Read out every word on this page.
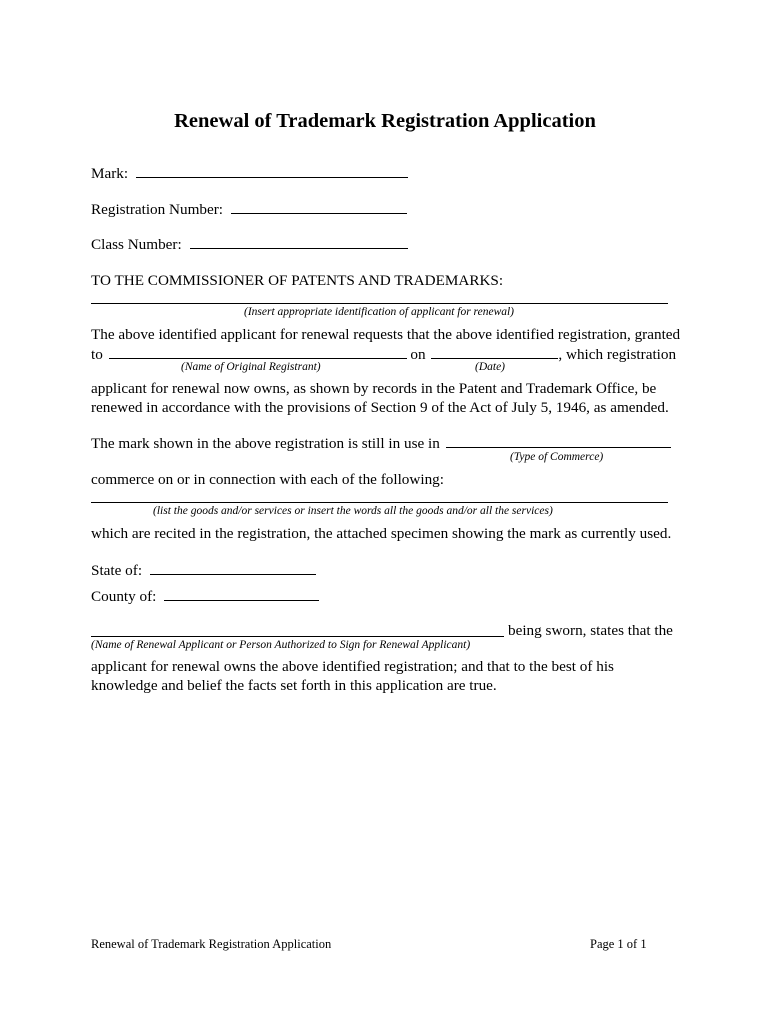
Renewal of Trademark Registration Application
Mark:
Registration Number:
Class Number:
TO THE COMMISSIONER OF PATENTS AND TRADEMARKS:
(Insert appropriate identification of applicant for renewal)
The above identified applicant for renewal requests that the above identified registration, granted
to	on	, which registration
(Name of Original Registrant)	(Date)
applicant for renewal now owns, as shown by records in the Patent and Trademark Office, be renewed in accordance with the provisions of Section 9 of the Act of July 5, 1946, as amended.
The mark shown in the above registration is still in use in
(Type of Commerce)
commerce on or in connection with each of the following:
(list the goods and/or services or insert the words all the goods and/or all the services)
which are recited in the registration, the attached specimen showing the mark as currently used.
State of:
County of:
being sworn, states that the
(Name of Renewal Applicant or Person Authorized to Sign for Renewal Applicant)
applicant for renewal owns the above identified registration; and that to the best of his knowledge and belief the facts set forth in this application are true.
Renewal of Trademark Registration Application	Page 1 of 1
